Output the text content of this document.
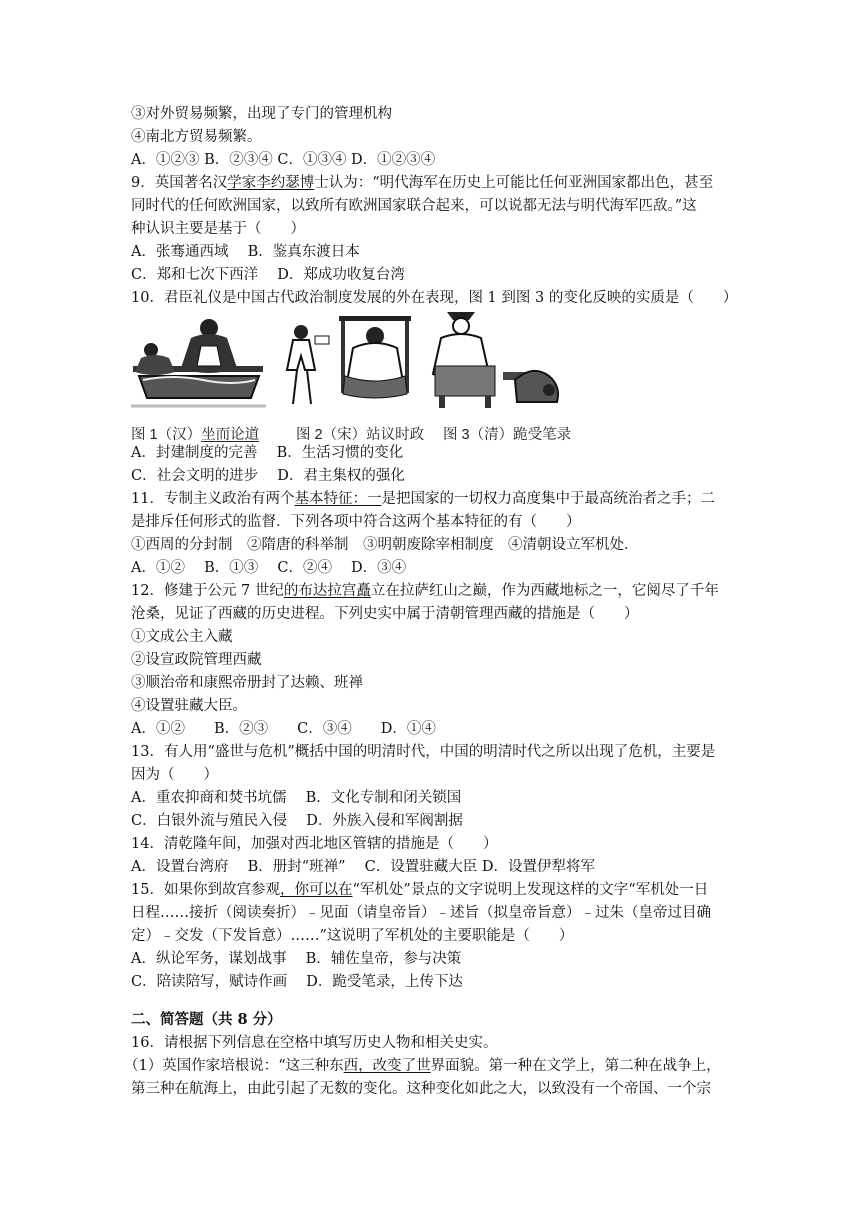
③对外贸易频繁，出现了专门的管理机构
④南北方贸易频繁。
A．①②③ B．②③④ C．①③④ D．①②③④
9．英国著名汉学家李约瑟博士认为：“明代海军在历史上可能比任何亚洲国家都出色，甚至
同时代的任何欧洲国家，以致所有欧洲国家联合起来，可以说都无法与明代海军匹敌。”这
种认识主要是基于（　　）
A．张骞通西域　 B．鉴真东渡日本
C．郑和七次下西洋　 D．郑成功收复台湾
10．君臣礼仪是中国古代政治制度发展的外在表现，图 1 到图 3 的变化反映的实质是（　　）
图 1（汉）坐而论道	图 2（宋）站议时政 图 3（清）跪受笔录
A．封建制度的完善　 B．生活习惯的变化
C．社会文明的进步　 D．君主集权的强化
11．专制主义政治有两个基本特征：一是把国家的一切权力高度集中于最高统治者之手；二
是排斥任何形式的监督．下列各项中符合这两个基本特征的有（　　）
①西周的分封制　②隋唐的科举制　③明朝废除宰相制度　④清朝设立军机处．
A．①②　 B．①③　 C．②④　 D．③④
12．修建于公元 7 世纪的布达拉宫矗立在拉萨红山之巅，作为西藏地标之一，它阅尽了千年
沧桑，见证了西藏的历史进程。下列史实中属于清朝管理西藏的措施是（　　）
①文成公主入藏
②设宣政院管理西藏
③顺治帝和康熙帝册封了达赖、班禅
④设置驻藏大臣。
A．①②　　B．②③　　C．③④　　D．①④
13．有人用“盛世与危机”概括中国的明清时代，中国的明清时代之所以出现了危机，主要是
因为（　　）
A．重农抑商和焚书坑儒　 B．文化专制和闭关锁国
C．白银外流与殖民入侵　 D．外族入侵和军阀割据
14．清乾隆年间，加强对西北地区管辖的措施是（　　）
A．设置台湾府　 B．册封“班禅”　 C．设置驻藏大臣 D．设置伊犁将军
15．如果你到故宫参观，你可以在“军机处”景点的文字说明上发现这样的文字“军机处一日
日程……接折（阅读奏折）﹣见面（请皇帝旨）﹣述旨（拟皇帝旨意）﹣过朱（皇帝过目确
定）﹣交发（下发旨意）……”这说明了军机处的主要职能是（　　）
A．纵论军务，谋划战事　 B．辅佐皇帝，参与决策
C．陪读陪写，赋诗作画　 D．跪受笔录，上传下达
二、简答题（共 8 分）
16．请根据下列信息在空格中填写历史人物和相关史实。
（1）英国作家培根说：“这三种东西，改变了世界面貌。第一种在文学上，第二种在战争上，
第三种在航海上，由此引起了无数的变化。这种变化如此之大，以致没有一个帝国、一个宗
